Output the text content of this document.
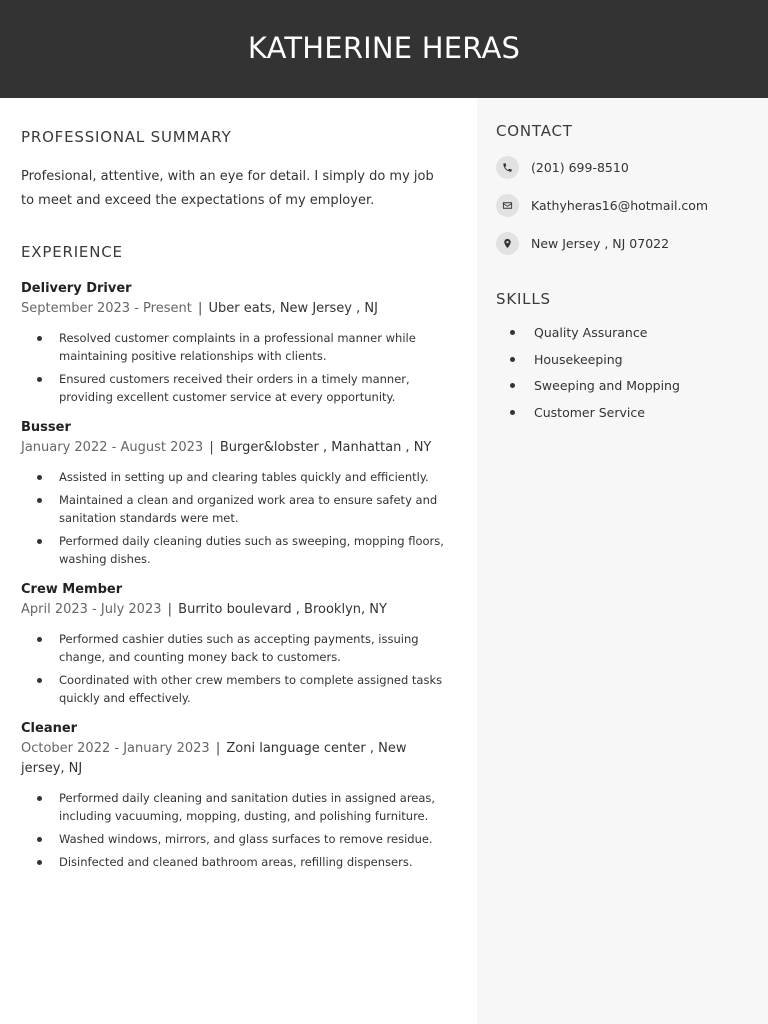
KATHERINE HERAS
PROFESSIONAL SUMMARY

Profesional, attentive, with an eye for detail. I simply do my job to meet and exceed the expectations of my employer.

EXPERIENCE
Delivery Driver
September 2023 - Present | Uber eats, New Jersey , NJ
Resolved customer complaints in a professional manner while maintaining positive relationships with clients.
Ensured customers received their orders in a timely manner, providing excellent customer service at every opportunity.
Busser
January 2022 - August 2023 | Burger&lobster , Manhattan , NY
Assisted in setting up and clearing tables quickly and efficiently.
Maintained a clean and organized work area to ensure safety and sanitation standards were met.
Performed daily cleaning duties such as sweeping, mopping floors, washing dishes.
Crew Member
April 2023 - July 2023 | Burrito boulevard , Brooklyn, NY
Performed cashier duties such as accepting payments, issuing change, and counting money back to customers.
Coordinated with other crew members to complete assigned tasks quickly and effectively.
Cleaner
October 2022 - January 2023 | Zoni language center , New jersey, NJ
Performed daily cleaning and sanitation duties in assigned areas, including vacuuming, mopping, dusting, and polishing furniture.
Washed windows, mirrors, and glass surfaces to remove residue.
Disinfected and cleaned bathroom areas, refilling dispensers.
CONTACT
(201) 699-8510
Kathyheras16@hotmail.com
New Jersey , NJ 07022
SKILLS
Quality Assurance
Housekeeping
Sweeping and Mopping
Customer Service
